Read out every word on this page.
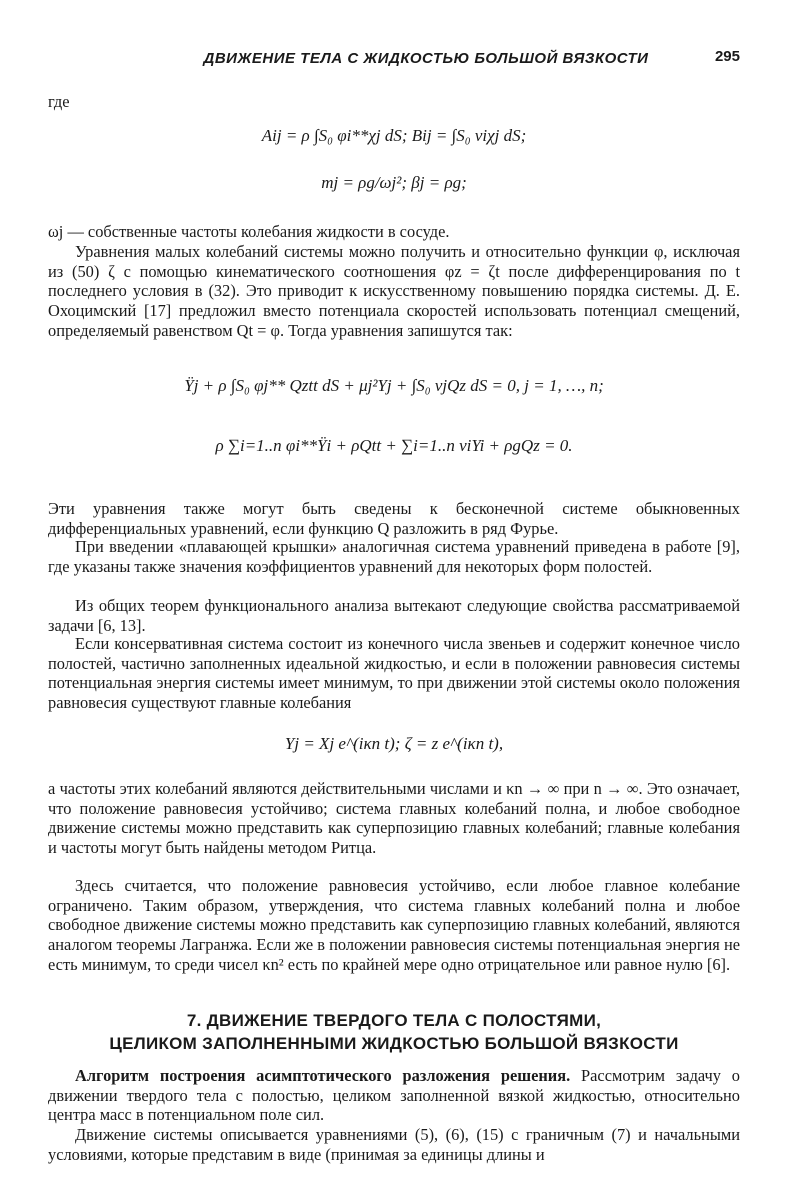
ДВИЖЕНИЕ ТЕЛА С ЖИДКОСТЬЮ БОЛЬШОЙ ВЯЗКОСТИ	295

где

Aij = ρ ∫S₀ φi**χj dS; Bij = ∫S₀ νiχj dS;
mj = ρg/ωj²; βj = ρg;

ωj — собственные частоты колебания жидкости в сосуде.

Уравнения малых колебаний системы можно получить и относительно функции φ, исключая из (50) ζ с помощью кинематического соотношения φz = ζt после дифференцирования по t последнего условия в (32). Это приводит к искусственному повышению порядка системы. Д. Е. Охоцимский [17] предложил вместо потенциала скоростей использовать потенциал смещений, определяемый равенством Qt = φ. Тогда уравнения запишутся так:

Ÿj + ρ ∫S₀ φj** Qztt dS + μj²Yj + ∫S₀ νjQz dS = 0, j = 1, …, n;
ρ ∑i=1..n φi**Ÿi + ρQtt + ∑i=1..n νiYi + ρgQz = 0.

Эти уравнения также могут быть сведены к бесконечной системе обыкновенных дифференциальных уравнений, если функцию Q разложить в ряд Фурье.

При введении «плавающей крышки» аналогичная система уравнений приведена в работе [9], где указаны также значения коэффициентов уравнений для некоторых форм полостей.

Из общих теорем функционального анализа вытекают следующие свойства рассматриваемой задачи [6, 13].

Если консервативная система состоит из конечного числа звеньев и содержит конечное число полостей, частично заполненных идеальной жидкостью, и если в положении равновесия системы потенциальная энергия системы имеет минимум, то при движении этой системы около положения равновесия существуют главные колебания

Yj = Xj e^(iκn t); ζ = z e^(iκn t),

а частоты этих колебаний являются действительными числами и κn → ∞ при n → ∞. Это означает, что положение равновесия устойчиво; система главных колебаний полна, и любое свободное движение системы можно представить как суперпозицию главных колебаний; главные колебания и частоты могут быть найдены методом Ритца.

Здесь считается, что положение равновесия устойчиво, если любое главное колебание ограничено. Таким образом, утверждения, что система главных колебаний полна и любое свободное движение системы можно представить как суперпозицию главных колебаний, являются аналогом теоремы Лагранжа. Если же в положении равновесия системы потенциальная энергия не есть минимум, то среди чисел κn² есть по крайней мере одно отрицательное или равное нулю [6].

7. ДВИЖЕНИЕ ТВЕРДОГО ТЕЛА С ПОЛОСТЯМИ,
ЦЕЛИКОМ ЗАПОЛНЕННЫМИ ЖИДКОСТЬЮ БОЛЬШОЙ ВЯЗКОСТИ

Алгоритм построения асимптотического разложения решения. Рассмотрим задачу о движении твердого тела с полостью, целиком заполненной вязкой жидкостью, относительно центра масс в потенциальном поле сил.

Движение системы описывается уравнениями (5), (6), (15) с граничным (7) и начальными условиями, которые представим в виде (принимая за единицы длины и
